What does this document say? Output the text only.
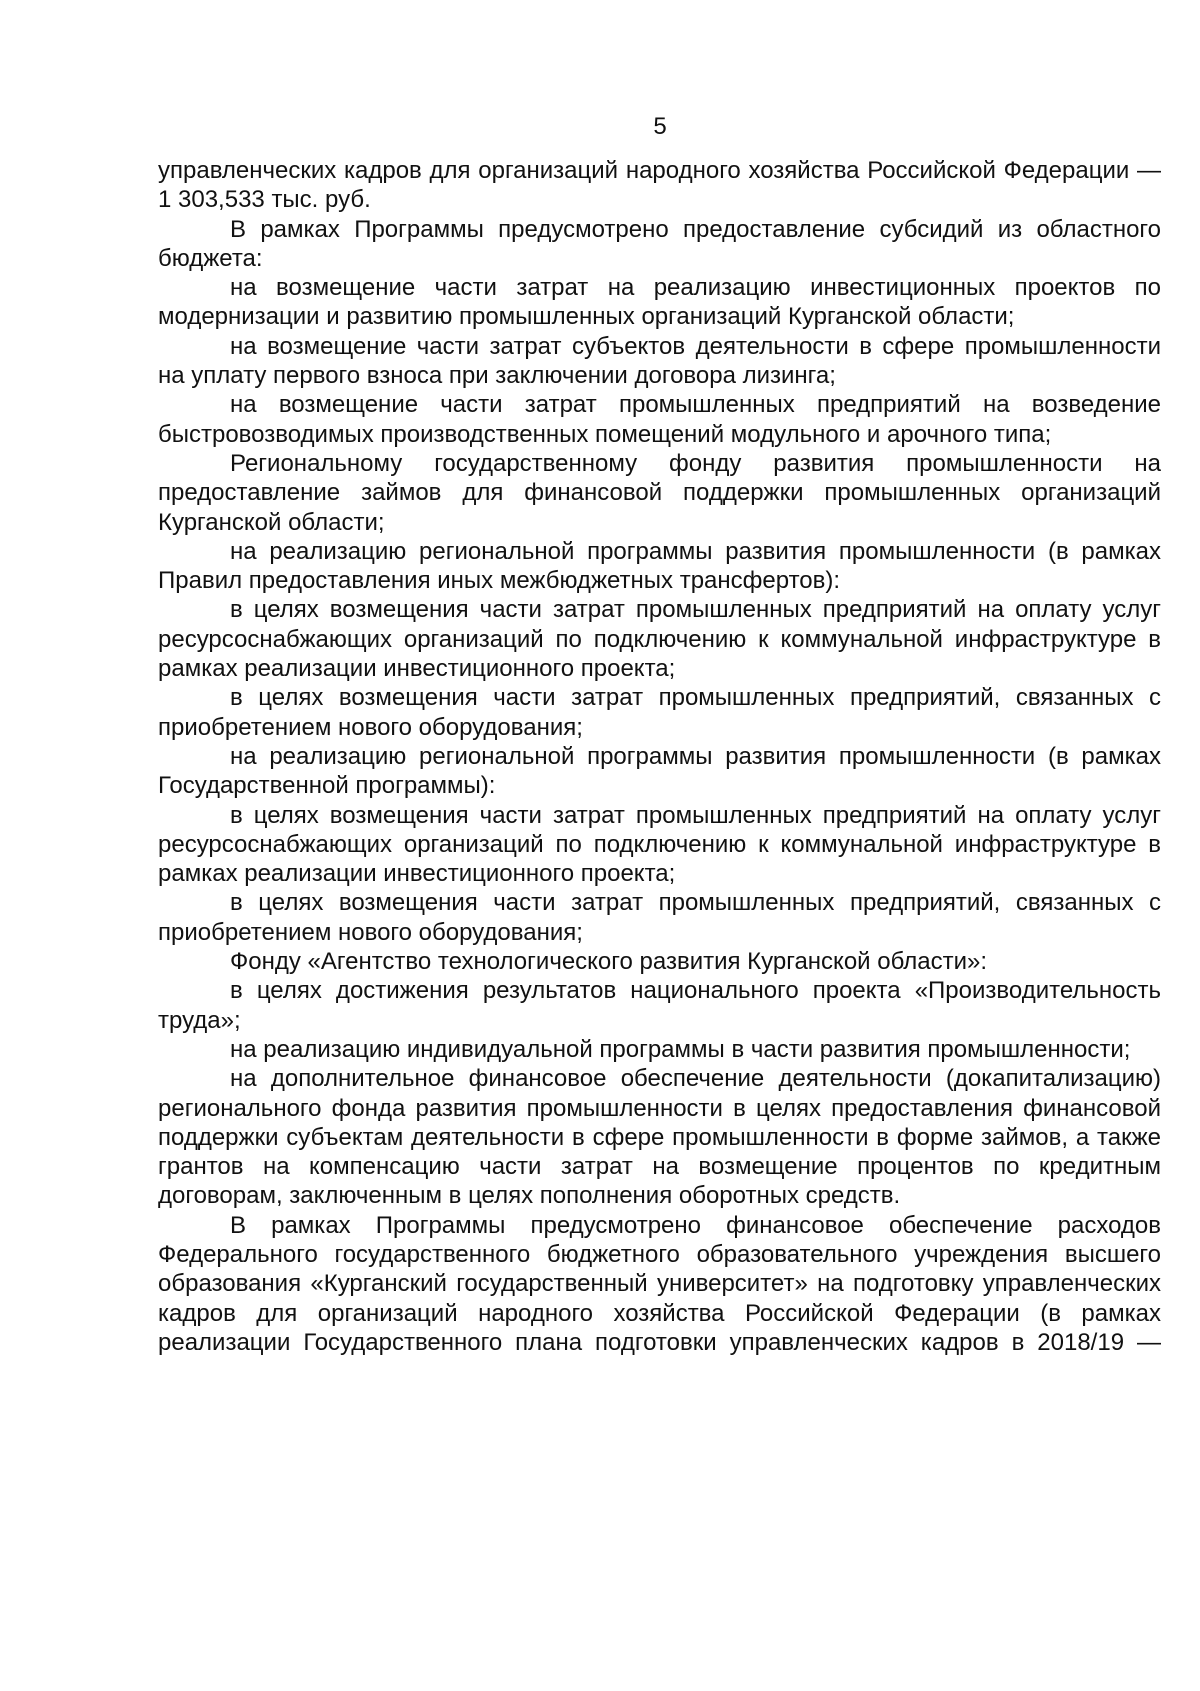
5

управленческих кадров для организаций народного хозяйства Российской Федерации — 1 303,533 тыс. руб.

В рамках Программы предусмотрено предоставление субсидий из областного бюджета:

на возмещение части затрат на реализацию инвестиционных проектов по модернизации и развитию промышленных организаций Курганской области;

на возмещение части затрат субъектов деятельности в сфере промышленности на уплату первого взноса при заключении договора лизинга;

на возмещение части затрат промышленных предприятий на возведение быстровозводимых производственных помещений модульного и арочного типа;

Региональному государственному фонду развития промышленности на предоставление займов для финансовой поддержки промышленных организаций Курганской области;

на реализацию региональной программы развития промышленности (в рамках Правил предоставления иных межбюджетных трансфертов):

в целях возмещения части затрат промышленных предприятий на оплату услуг ресурсоснабжающих организаций по подключению к коммунальной инфраструктуре в рамках реализации инвестиционного проекта;

в целях возмещения части затрат промышленных предприятий, связанных с приобретением нового оборудования;

на реализацию региональной программы развития промышленности (в рамках Государственной программы):

в целях возмещения части затрат промышленных предприятий на оплату услуг ресурсоснабжающих организаций по подключению к коммунальной инфраструктуре в рамках реализации инвестиционного проекта;

в целях возмещения части затрат промышленных предприятий, связанных с приобретением нового оборудования;

Фонду «Агентство технологического развития Курганской области»:

в целях достижения результатов национального проекта «Производительность труда»;

на реализацию индивидуальной программы в части развития промышленности;

на дополнительное финансовое обеспечение деятельности (докапитализацию) регионального фонда развития промышленности в целях предоставления финансовой поддержки субъектам деятельности в сфере промышленности в форме займов, а также грантов на компенсацию части затрат на возмещение процентов по кредитным договорам, заключенным в целях пополнения оборотных средств.

В рамках Программы предусмотрено финансовое обеспечение расходов Федерального государственного бюджетного образовательного учреждения высшего образования «Курганский государственный университет» на подготовку управленческих кадров для организаций народного хозяйства Российской Федерации (в рамках реализации Государственного плана подготовки управленческих кадров в 2018/19 —
